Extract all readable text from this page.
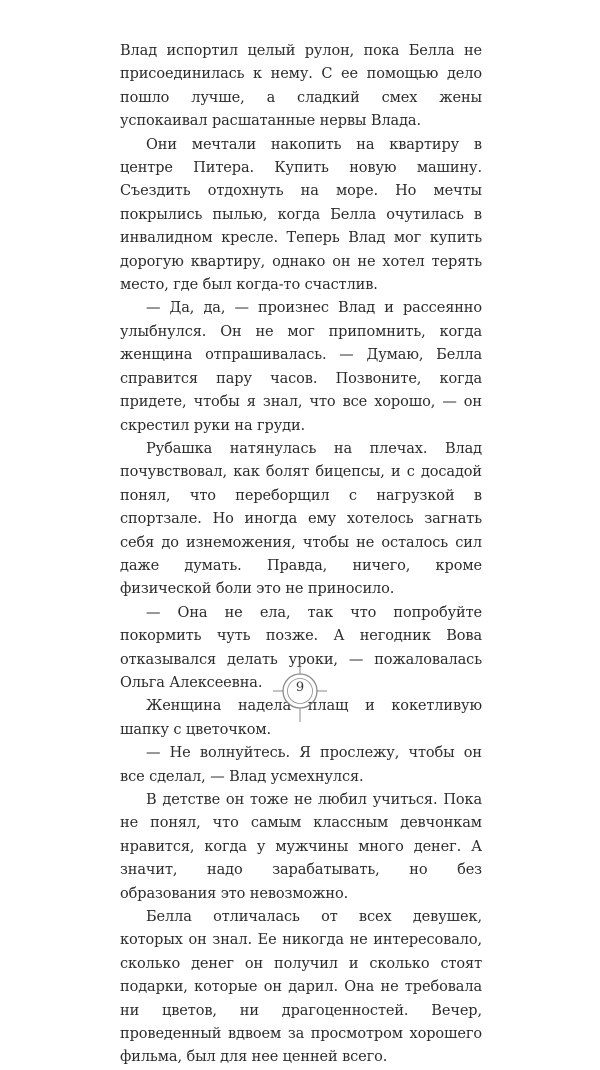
Влад испортил целый рулон, пока Белла не присоединилась к нему. С ее помощью дело пошло лучше, а сладкий смех жены успокаивал расшатанные нервы Влада.

Они мечтали накопить на квартиру в центре Питера. Купить новую машину. Съездить отдохнуть на море. Но мечты покрылись пылью, когда Белла очутилась в инвалидном кресле. Теперь Влад мог купить дорогую квартиру, однако он не хотел терять место, где был когда-то счастлив.

— Да, да, — произнес Влад и рассеянно улыбнулся. Он не мог припомнить, когда женщина отпрашивалась. — Думаю, Белла справится пару часов. Позвоните, когда придете, чтобы я знал, что все хорошо, — он скрестил руки на груди.

Рубашка натянулась на плечах. Влад почувствовал, как болят бицепсы, и с досадой понял, что переборщил с нагрузкой в спортзале. Но иногда ему хотелось загнать себя до изнеможения, чтобы не осталось сил даже думать. Правда, ничего, кроме физической боли это не приносило.

— Она не ела, так что попробуйте покормить чуть позже. А негодник Вова отказывался делать уроки, — пожаловалась Ольга Алексеевна.

Женщина надела плащ и кокетливую шапку с цветочком.

— Не волнуйтесь. Я прослежу, чтобы он все сделал, — Влад усмехнулся.

В детстве он тоже не любил учиться. Пока не понял, что самым классным девчонкам нравится, когда у мужчины много денег. А значит, надо зарабатывать, но без образования это невозможно.

Белла отличалась от всех девушек, которых он знал. Ее никогда не интересовало, сколько денег он получил и сколько стоят подарки, которые он дарил. Она не требовала ни цветов, ни драгоценностей. Вечер, проведенный вдвоем за просмотром хорошего фильма, был для нее ценней всего.

9
